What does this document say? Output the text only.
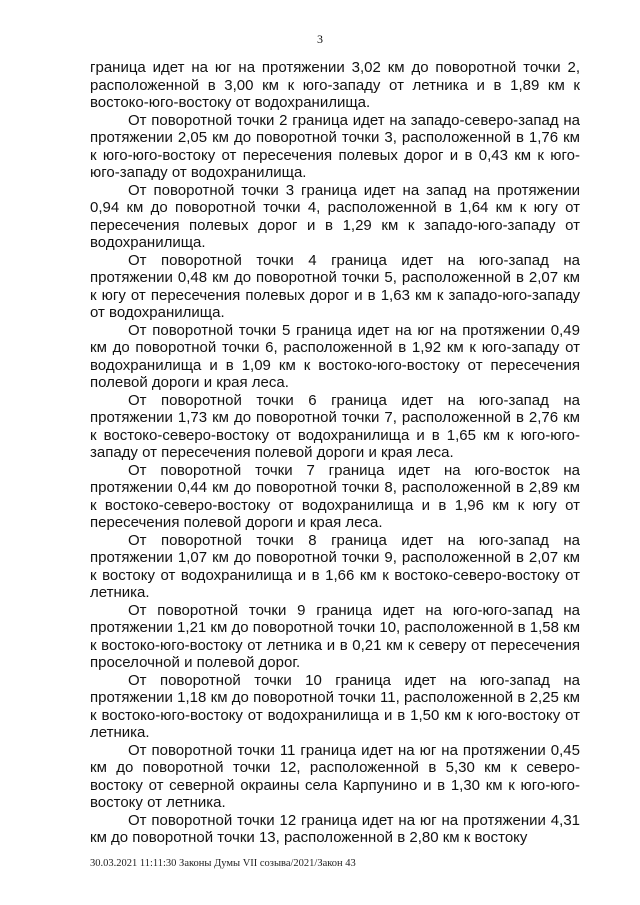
3

граница идет на юг на протяжении 3,02 км до поворотной точки 2, расположенной в 3,00 км к юго-западу от летника и в 1,89 км к востоко-юго-востоку от водохранилища.

От поворотной точки 2 граница идет на западо-северо-запад на протяжении 2,05 км до поворотной точки 3, расположенной в 1,76 км к юго-юго-востоку от пересечения полевых дорог и в 0,43 км к юго-юго-западу от водохранилища.

От поворотной точки 3 граница идет на запад на протяжении 0,94 км до поворотной точки 4, расположенной в 1,64 км к югу от пересечения полевых дорог и в 1,29 км к западо-юго-западу от водохранилища.

От поворотной точки 4 граница идет на юго-запад на протяжении 0,48 км до поворотной точки 5, расположенной в 2,07 км к югу от пересечения полевых дорог и в 1,63 км к западо-юго-западу от водохранилища.

От поворотной точки 5 граница идет на юг на протяжении 0,49 км до поворотной точки 6, расположенной в 1,92 км к юго-западу от водохранилища и в 1,09 км к востоко-юго-востоку от пересечения полевой дороги и края леса.

От поворотной точки 6 граница идет на юго-запад на протяжении 1,73 км до поворотной точки 7, расположенной в 2,76 км к востоко-северо-востоку от водохранилища и в 1,65 км к юго-юго-западу от пересечения полевой дороги и края леса.

От поворотной точки 7 граница идет на юго-восток на протяжении 0,44 км до поворотной точки 8, расположенной в 2,89 км к востоко-северо-востоку от водохранилища и в 1,96 км к югу от пересечения полевой дороги и края леса.

От поворотной точки 8 граница идет на юго-запад на протяжении 1,07 км до поворотной точки 9, расположенной в 2,07 км к востоку от водохранилища и в 1,66 км к востоко-северо-востоку от летника.

От поворотной точки 9 граница идет на юго-юго-запад на протяжении 1,21 км до поворотной точки 10, расположенной в 1,58 км к востоко-юго-востоку от летника и в 0,21 км к северу от пересечения проселочной и полевой дорог.

От поворотной точки 10 граница идет на юго-запад на протяжении 1,18 км до поворотной точки 11, расположенной в 2,25 км к востоко-юго-востоку от водохранилища и в 1,50 км к юго-востоку от летника.

От поворотной точки 11 граница идет на юг на протяжении 0,45 км до поворотной точки 12, расположенной в 5,30 км к северо-востоку от северной окраины села Карпунино и в 1,30 км к юго-юго-востоку от летника.

От поворотной точки 12 граница идет на юг на протяжении 4,31 км до поворотной точки 13, расположенной в 2,80 км к востоку

30.03.2021 11:11:30 Законы Думы VII созыва/2021/Закон 43
